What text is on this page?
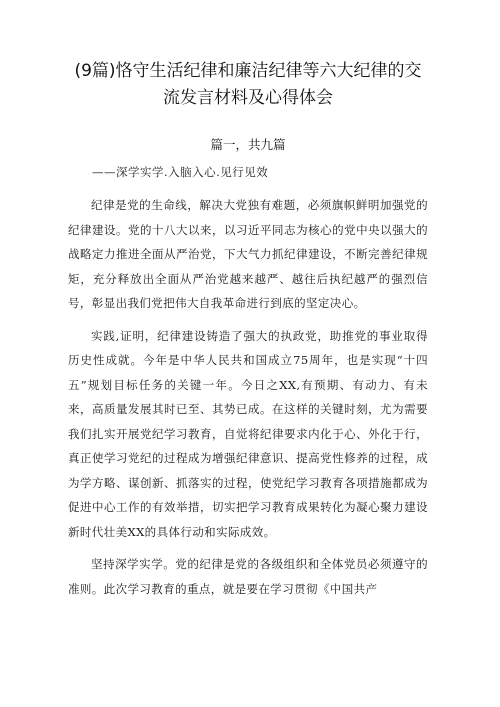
(9篇)恪守生活纪律和廉洁纪律等六大纪律的交流发言材料及心得体会
篇一，共九篇
——深学实学.入脑入心.见行见效

纪律是党的生命线，解决大党独有难题，必须旗帜鲜明加强党的纪律建设。党的十八大以来，以习近平同志为核心的党中央以强大的战略定力推进全面从严治党，下大气力抓纪律建设，不断完善纪律规矩，充分释放出全面从严治党越来越严、越往后执纪越严的强烈信号，彰显出我们党把伟大自我革命进行到底的坚定决心。

实践,证明，纪律建设铸造了强大的执政党，助推党的事业取得历史性成就。今年是中华人民共和国成立75周年，也是实现“十四五”规划目标任务的关键一年。今日之XX,有预期、有动力、有未来，高质量发展其时已至、其势已成。在这样的关键时刻，尤为需要我们扎实开展党纪学习教育，自觉将纪律要求内化于心、外化于行，真正使学习党纪的过程成为增强纪律意识、提高党性修养的过程，成为学方略、谋创新、抓落实的过程，使党纪学习教育各项措施都成为促进中心工作的有效举措，切实把学习教育成果转化为凝心聚力建设新时代壮美XX的具体行动和实际成效。

坚持深学实学。党的纪律是党的各级组织和全体党员必须遵守的准则。此次学习教育的重点，就是要在学习贯彻《中国共产
